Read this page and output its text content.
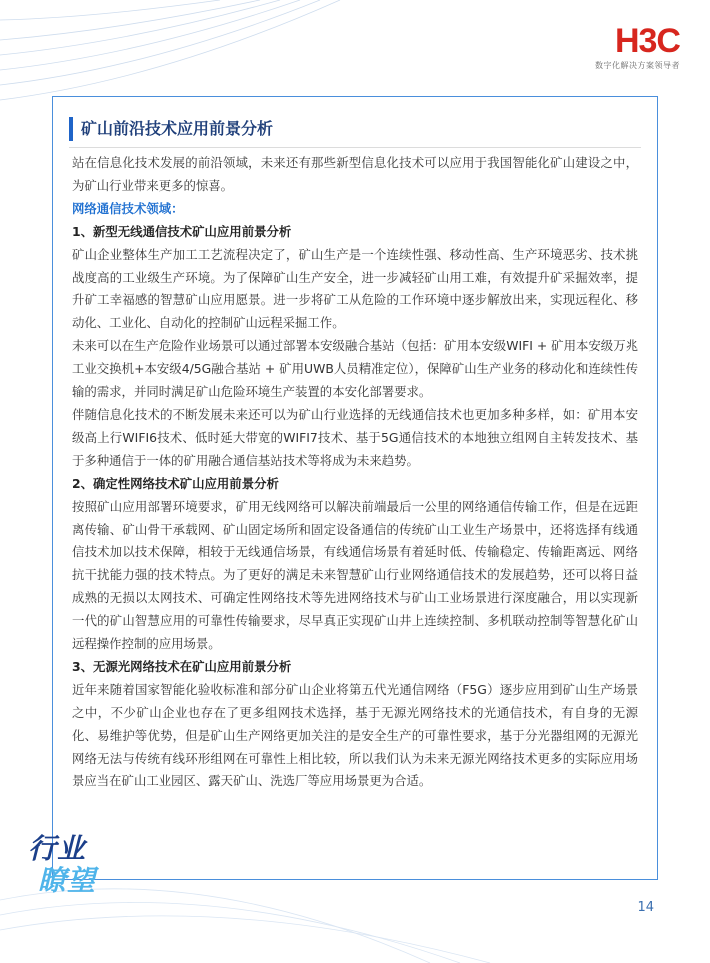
H3C
数字化解决方案领导者
矿山前沿技术应用前景分析

站在信息化技术发展的前沿领域，未来还有那些新型信息化技术可以应用于我国智能化矿山建设之中，为矿山行业带来更多的惊喜。

网络通信技术领域：

1、新型无线通信技术矿山应用前景分析

矿山企业整体生产加工工艺流程决定了，矿山生产是一个连续性强、移动性高、生产环境恶劣、技术挑战度高的工业级生产环境。为了保障矿山生产安全，进一步减轻矿山用工难，有效提升矿采掘效率，提升矿工幸福感的智慧矿山应用愿景。进一步将矿工从危险的工作环境中逐步解放出来，实现远程化、移动化、工业化、自动化的控制矿山远程采掘工作。

未来可以在生产危险作业场景可以通过部署本安级融合基站（包括：矿用本安级WIFI + 矿用本安级万兆工业交换机+本安级4/5G融合基站 + 矿用UWB人员精准定位），保障矿山生产业务的移动化和连续性传输的需求，并同时满足矿山危险环境生产装置的本安化部署要求。

伴随信息化技术的不断发展未来还可以为矿山行业选择的无线通信技术也更加多种多样，如：矿用本安级高上行WIFI6技术、低时延大带宽的WIFI7技术、基于5G通信技术的本地独立组网自主转发技术、基于多种通信于一体的矿用融合通信基站技术等将成为未来趋势。

2、确定性网络技术矿山应用前景分析

按照矿山应用部署环境要求，矿用无线网络可以解决前端最后一公里的网络通信传输工作，但是在远距离传输、矿山骨干承载网、矿山固定场所和固定设备通信的传统矿山工业生产场景中，还将选择有线通信技术加以技术保障，相较于无线通信场景，有线通信场景有着延时低、传输稳定、传输距离远、网络抗干扰能力强的技术特点。为了更好的满足未来智慧矿山行业网络通信技术的发展趋势，还可以将日益成熟的无损以太网技术、可确定性网络技术等先进网络技术与矿山工业场景进行深度融合，用以实现新一代的矿山智慧应用的可靠性传输要求，尽早真正实现矿山井上连续控制、多机联动控制等智慧化矿山远程操作控制的应用场景。

3、无源光网络技术在矿山应用前景分析

近年来随着国家智能化验收标准和部分矿山企业将第五代光通信网络（F5G）逐步应用到矿山生产场景之中，不少矿山企业也存在了更多组网技术选择，基于无源光网络技术的光通信技术，有自身的无源化、易维护等优势，但是矿山生产网络更加关注的是安全生产的可靠性要求，基于分光器组网的无源光网络无法与传统有线环形组网在可靠性上相比较，所以我们认为未来无源光网络技术更多的实际应用场景应当在矿山工业园区、露天矿山、洗选厂等应用场景更为合适。

行业
瞭望
14
